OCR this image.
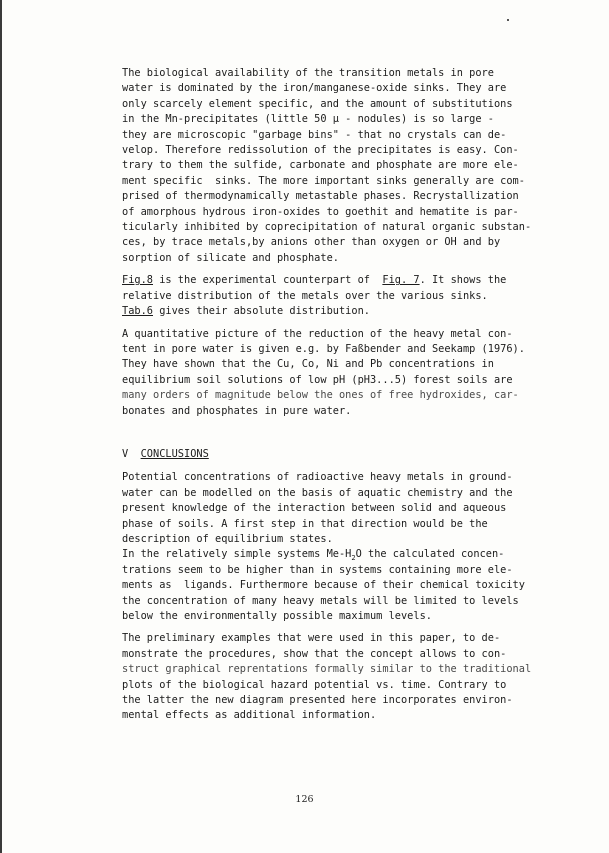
The biological availability of the transition metals in pore
water is dominated by the iron/manganese-oxide sinks. They are
only scarcely element specific, and the amount of substitutions
in the Mn-precipitates (little 50 µ - nodules) is so large -
they are microscopic "garbage bins" - that no crystals can de-
velop. Therefore redissolution of the precipitates is easy. Con-
trary to them the sulfide, carbonate and phosphate are more ele-
ment specific  sinks. The more important sinks generally are com-
prised of thermodynamically metastable phases. Recrystallization
of amorphous hydrous iron-oxides to goethit and hematite is par-
ticularly inhibited by coprecipitation of natural organic substan-
ces, by trace metals,by anions other than oxygen or OH and by
sorption of silicate and phosphate.
Fig.8 is the experimental counterpart of  Fig. 7. It shows the
relative distribution of the metals over the various sinks.
Tab.6 gives their absolute distribution.
A quantitative picture of the reduction of the heavy metal con-
tent in pore water is given e.g. by Faßbender and Seekamp (1976).
They have shown that the Cu, Co, Ni and Pb concentrations in
equilibrium soil solutions of low pH (pH3...5) forest soils are
many orders of magnitude below the ones of free hydroxides, car-
bonates and phosphates in pure water.
V CONCLUSIONS
Potential concentrations of radioactive heavy metals in ground-
water can be modelled on the basis of aquatic chemistry and the
present knowledge of the interaction between solid and aqueous
phase of soils. A first step in that direction would be the
description of equilibrium states.
In the relatively simple systems $Me-H_2O$ the calculated concen-
trations seem to be higher than in systems containing more ele-
ments as  ligands. Furthermore because of their chemical toxicity
the concentration of many heavy metals will be limited to levels
below the environmentally possible maximum levels.
The preliminary examples that were used in this paper, to de-
monstrate the procedures, show that the concept allows to con-
struct graphical reprentations formally similar to the traditional
plots of the biological hazard potential vs. time. Contrary to
the latter the new diagram presented here incorporates environ-
mental effects as additional information.
126
